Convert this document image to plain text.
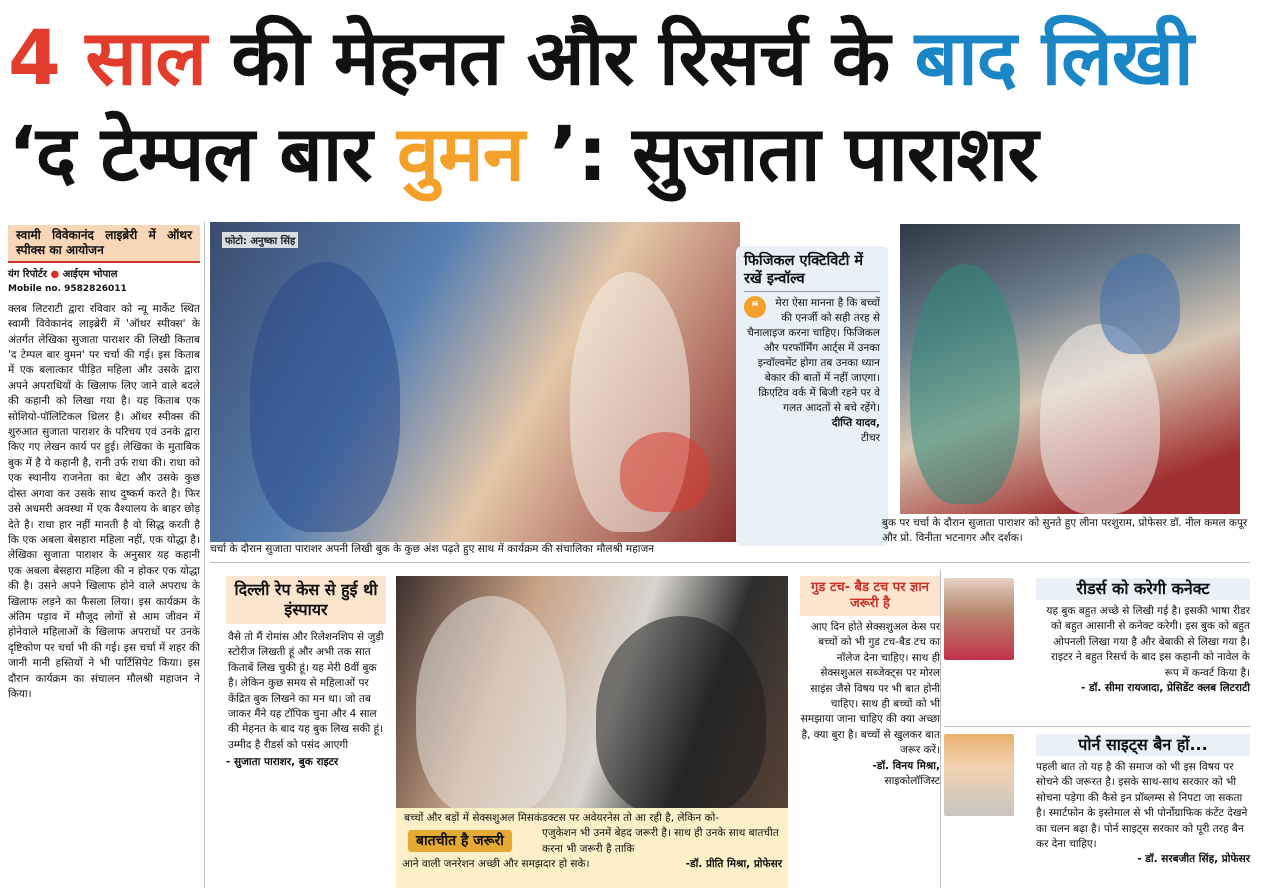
4 साल की मेहनत और रिसर्च के बाद लिखी
‘द टेम्पल बार वुमन ’: सुजाता पाराशर
स्वामी विवेकानंद लाइब्रेरी में ऑथर स्पीक्स का आयोजन
यंग रिपोर्टर ● आईएम भोपाल
Mobile no. 9582826011
क्लब लिटराटी द्वारा रविवार को न्यू मार्केट स्थित स्वामी विवेकानंद लाइब्रेरी में 'ऑथर स्पीक्स' के अंतर्गत लेखिका सुजाता पाराशर की लिखी किताब 'द टेम्पल बार वुमन' पर चर्चा की गई। इस किताब में एक बलात्कार पीड़ित महिला और उसके द्वारा अपने अपराधियों के खिलाफ लिए जाने वाले बदले की कहानी को लिखा गया है। यह किताब एक सोशियो-पॉलिटिकल थ्रिलर है। ऑथर स्पीक्स की शुरुआत सुजाता पाराशर के परिचय एवं उनके द्वारा किए गए लेखन कार्य पर हुई। लेखिका के मुताबिक बुक में है ये कहानी है, रानी उर्फ राधा की। राधा को एक स्थानीय राजनेता का बेटा और उसके कुछ दोस्त अगवा कर उसके साथ दुष्कर्म करते है। फिर उसे अधमरी अवस्था में एक वैश्यालय के बाहर छोड़ देते है। राधा हार नहीं मानती है वो सिद्ध करती है कि एक अबला बेसहारा महिला नहीं, एक योद्धा है। लेखिका सुजाता पाराशर के अनुसार यह कहानी एक अबला बेसहारा महिला की न होकर एक योद्धा की है। उसने अपने खिलाफ होने वाले अपराध के खिलाफ लड़ने का फैसला लिया। इस कार्यक्रम के अंतिम पड़ाव में मौजूद लोगों से आम जीवन में होनेवाले महिलाओं के खिलाफ अपराधों पर उनके दृष्टिकोण पर चर्चा भी की गई। इस चर्चा में शहर की जानी मानी हस्तियों ने भी पार्टिसिपेट किया। इस दौरान कार्यक्रम का संचालन मौलश्री महाजन ने किया।
फोटो: अनुष्का सिंह
चर्चा के दौरान सुजाता पाराशर अपनी लिखी बुक के कुछ अंश पढ़ते हुए साथ में कार्यक्रम की संचालिका मौलश्री महाजन
फिजिकल एक्टिविटी में रखें इन्वॉल्व
❝	मेरा ऐसा मानना है कि बच्चों की एनर्जी को सही तरह से चैनालाइज करना चाहिए। फिजिकल और परफॉर्मिंग आर्ट्स में उनका इन्वॉल्वमेंट होगा तब उनका ध्यान बेकार की बातों में नहीं जाएगा। क्रिएटिव वर्क में बिजी रहने पर वे गलत आदतों से बचे रहेंगे।
दीप्ति यादव,
टीचर
बुक पर चर्चा के दौरान सुजाता पाराशर को सुनते हुए लीना परशुराम, प्रोफेसर डॉ. नील कमल कपूर और प्रो. विनीता भटनागर और दर्शक।
दिल्ली रेप केस से हुई थी इंस्पायर
वैसे तो मैं रोमांस और रिलेशनशिप से जुड़ी स्टोरीज लिखती हूं और अभी तक सात किताबें लिख चुकी हूं। यह मेरी 8वीं बुक है। लेकिन कुछ समय से महिलाओं पर केंद्रित बुक लिखने का मन था। जो तब जाकर मैंने यह टॉपिक चुना और 4 साल की मेहनत के बाद यह बुक लिख सकी हूं। उम्मीद है रीडर्स को पसंद आएगी
- सुजाता पाराशर, बुक राइटर
बच्चों और बड़ों में सेक्सशुअल मिसकंडक्टस पर अवेयरनेस तो आ रही है, लेकिन को-
एजुकेशन भी उनमें बेहद जरूरी है। साथ ही उनके साथ बातचीत करना भी जरूरी है ताकि
आने वाली जनरेशन अच्छी और समझदार हो सके।	-डॉ. प्रीति मिश्रा, प्रोफेसर
बातचीत है जरूरी
गुड टच- बैड टच पर ज्ञान जरूरी है
आए दिन होते सेक्सशुअल केस पर बच्चों को भी गुड टच-बैड टच का नॉलेज देना चाहिए। साथ ही सेक्सशुअल सब्जेक्ट्स पर मोरल साइंस जैसे विषय पर भी बात होनी चाहिए। साथ ही बच्चों को भी समझाया जाना चाहिए की क्या अच्छा है, क्या बुरा है। बच्चों से खुलकर बात जरूर करें।
-डॉ. विनय मिश्रा,
साइकोलॉजिस्ट
रीडर्स को करेगी कनेक्ट
यह बुक बहुत अच्छे से लिखी गई है। इसकी भाषा रीडर को बहुत आसानी से कनेक्ट करेगी। इस बुक को बहुत ओपनली लिखा गया है और बेबाकी से लिखा गया है। राइटर ने बहुत रिसर्च के बाद इस कहानी को नावेल के रूप में कन्वर्ट किया है।
- डॉ. सीमा रायजादा, प्रेसिडेंट क्लब लिटराटी
पोर्न साइट्स बैन हों...
पहली बात तो यह है की समाज को भी इस विषय पर सोचने की जरूरत है। इसके साथ-साथ सरकार को भी सोचना पड़ेगा की कैसे इन प्रॉब्लम्स से निपटा जा सकता है। स्मार्टफोन के इस्तेमाल से भी पोर्नोग्राफिक कंटेंट देखने का चलन बढ़ा है। पोर्न साइट्स सरकार को पूरी तरह बैन कर देना चाहिए।
- डॉ. सरबजीत सिंह, प्रोफेसर
